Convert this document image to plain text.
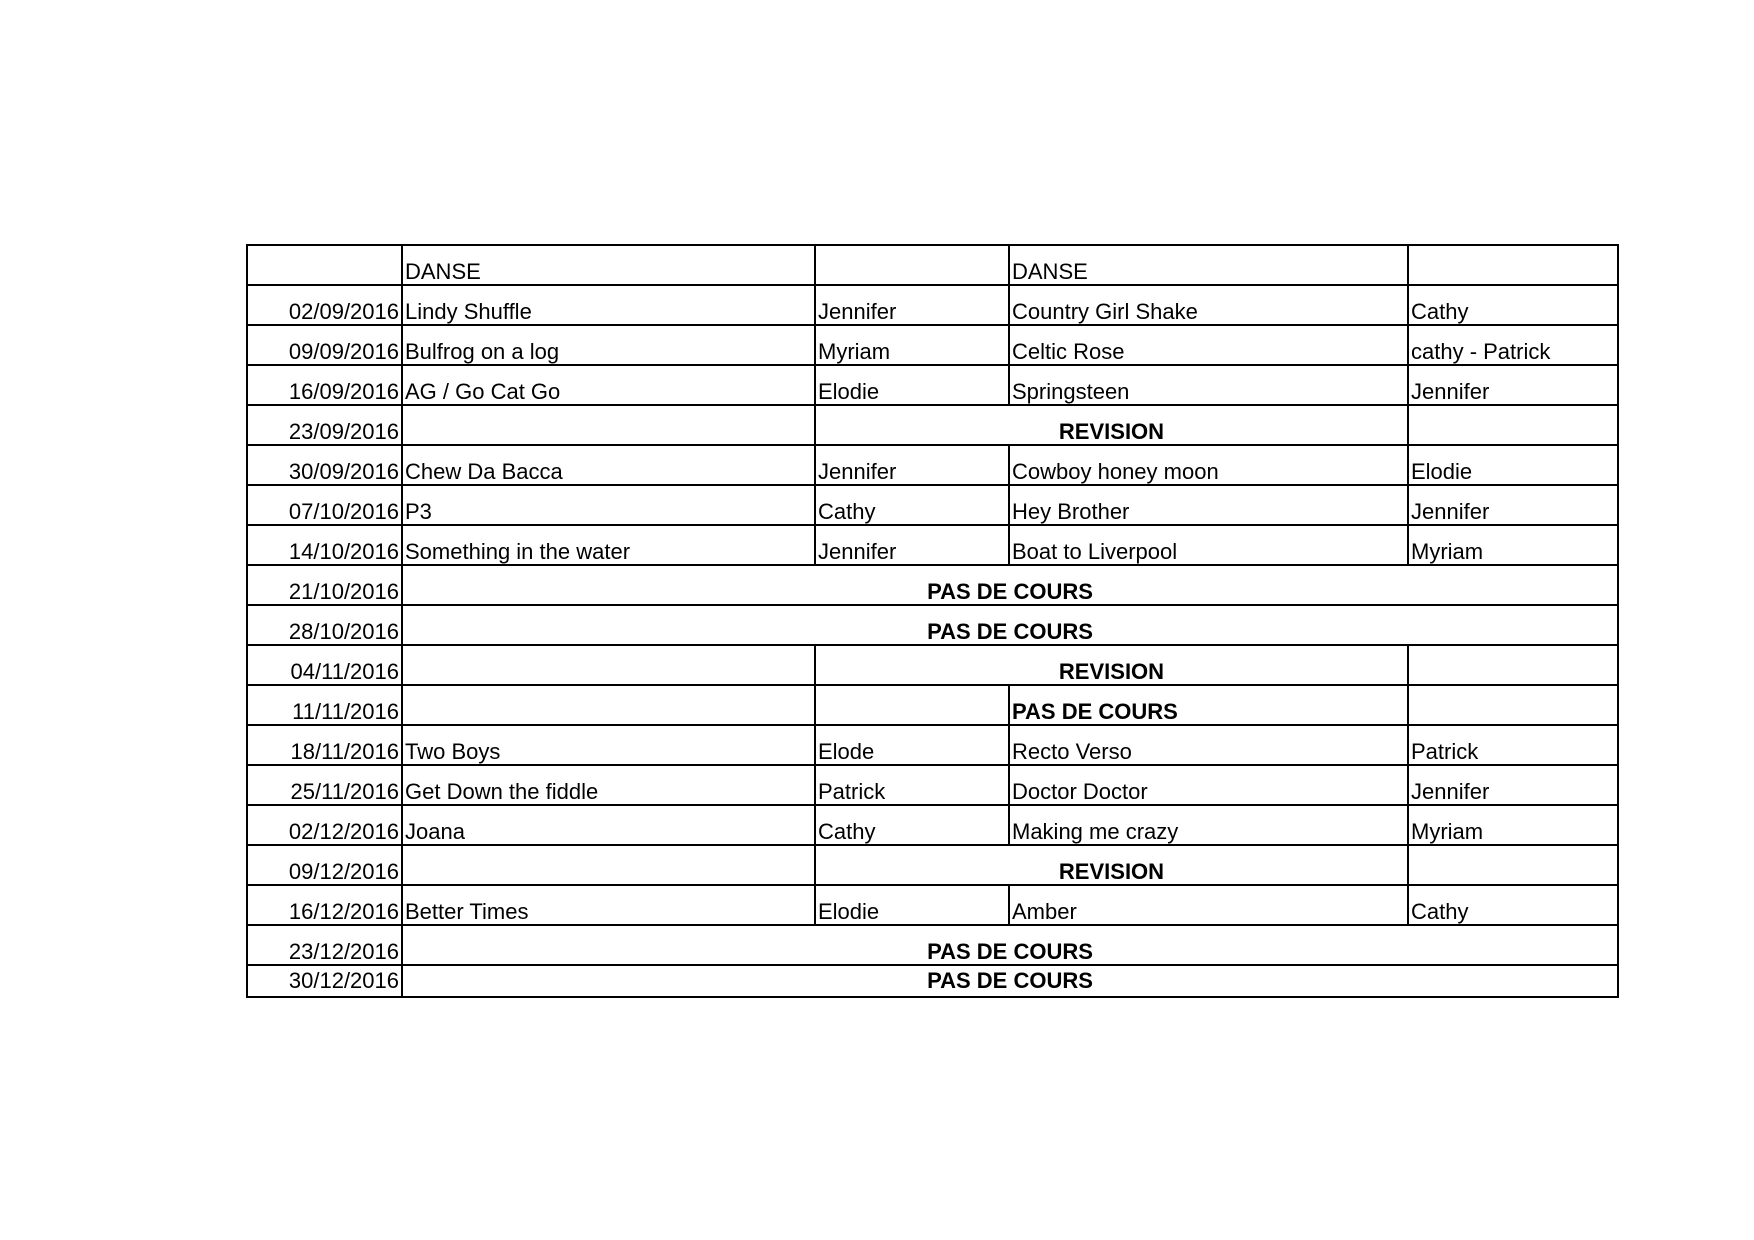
	DANSE		DANSE	
02/09/2016	Lindy Shuffle	Jennifer	Country Girl Shake	Cathy
09/09/2016	Bulfrog on a log	Myriam	Celtic Rose	cathy - Patrick
16/09/2016	AG / Go Cat Go	Elodie	Springsteen	Jennifer
23/09/2016		REVISION		
30/09/2016	Chew Da Bacca	Jennifer	Cowboy honey moon	Elodie
07/10/2016	P3	Cathy	Hey Brother	Jennifer
14/10/2016	Something in the water	Jennifer	Boat to Liverpool	Myriam
21/10/2016	PAS DE COURS			
28/10/2016	PAS DE COURS			
04/11/2016		REVISION		
11/11/2016			PAS DE COURS	
18/11/2016	Two Boys	Elode	Recto Verso	Patrick
25/11/2016	Get Down the fiddle	Patrick	Doctor Doctor	Jennifer
02/12/2016	Joana	Cathy	Making me crazy	Myriam
09/12/2016		REVISION		
16/12/2016	Better Times	Elodie	Amber	Cathy
23/12/2016	PAS DE COURS			
30/12/2016	PAS DE COURS			
